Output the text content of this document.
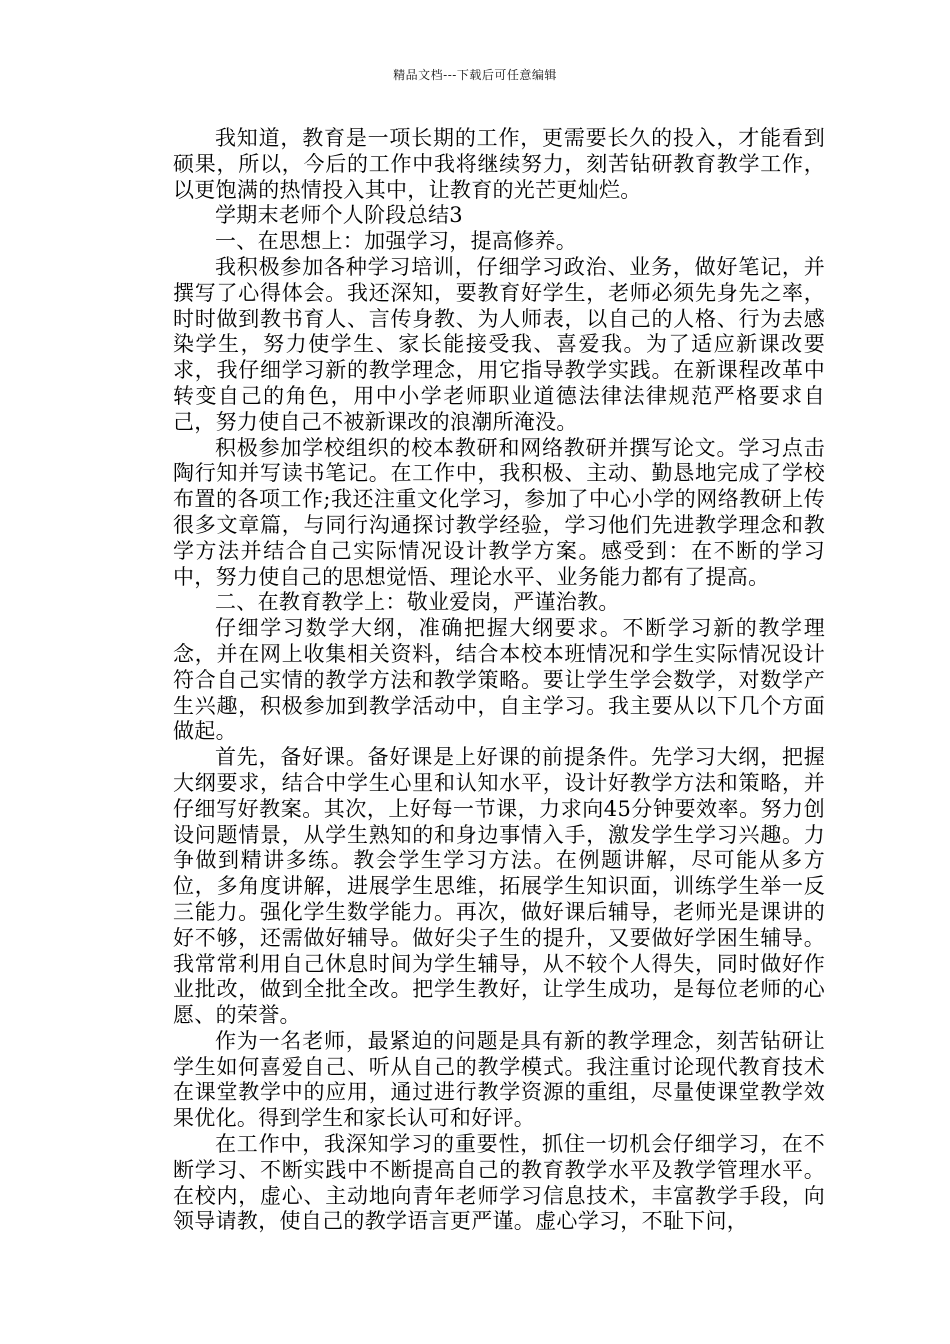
精品文档---下载后可任意编辑

我知道，教育是一项长期的工作，更需要长久的投入，才能看到硕果，所以，今后的工作中我将继续努力，刻苦钻研教育教学工作，以更饱满的热情投入其中，让教育的光芒更灿烂。

学期末老师个人阶段总结3

一、在思想上：加强学习，提高修养。

我积极参加各种学习培训，仔细学习政治、业务，做好笔记，并撰写了心得体会。我还深知，要教育好学生，老师必须先身先之率，时时做到教书育人、言传身教、为人师表，以自己的人格、行为去感染学生，努力使学生、家长能接受我、喜爱我。为了适应新课改要求，我仔细学习新的教学理念，用它指导教学实践。在新课程改革中转变自己的角色，用中小学老师职业道德法律法律规范严格要求自己，努力使自己不被新课改的浪潮所淹没。

积极参加学校组织的校本教研和网络教研并撰写论文。学习点击陶行知并写读书笔记。在工作中，我积极、主动、勤恳地完成了学校布置的各项工作;我还注重文化学习，参加了中心小学的网络教研上传很多文章篇，与同行沟通探讨教学经验，学习他们先进教学理念和教学方法并结合自己实际情况设计教学方案。感受到：在不断的学习中，努力使自己的思想觉悟、理论水平、业务能力都有了提高。

二、在教育教学上：敬业爱岗，严谨治教。

仔细学习数学大纲，准确把握大纲要求。不断学习新的教学理念，并在网上收集相关资料，结合本校本班情况和学生实际情况设计符合自己实情的教学方法和教学策略。要让学生学会数学，对数学产生兴趣，积极参加到教学活动中，自主学习。我主要从以下几个方面做起。

首先，备好课。备好课是上好课的前提条件。先学习大纲，把握大纲要求，结合中学生心里和认知水平，设计好教学方法和策略，并仔细写好教案。其次，上好每一节课，力求向45分钟要效率。努力创设问题情景，从学生熟知的和身边事情入手，激发学生学习兴趣。力争做到精讲多练。教会学生学习方法。在例题讲解，尽可能从多方位，多角度讲解，进展学生思维，拓展学生知识面，训练学生举一反三能力。强化学生数学能力。再次，做好课后辅导，老师光是课讲的好不够，还需做好辅导。做好尖子生的提升，又要做好学困生辅导。我常常利用自己休息时间为学生辅导，从不较个人得失，同时做好作业批改，做到全批全改。把学生教好，让学生成功，是每位老师的心愿、的荣誉。

作为一名老师，最紧迫的问题是具有新的教学理念，刻苦钻研让学生如何喜爱自己、听从自己的教学模式。我注重讨论现代教育技术在课堂教学中的应用，通过进行教学资源的重组，尽量使课堂教学效果优化。得到学生和家长认可和好评。

在工作中，我深知学习的重要性，抓住一切机会仔细学习，在不断学习、不断实践中不断提高自己的教育教学水平及教学管理水平。在校内，虚心、主动地向青年老师学习信息技术，丰富教学手段，向领导请教，使自己的教学语言更严谨。虚心学习，不耻下问，
